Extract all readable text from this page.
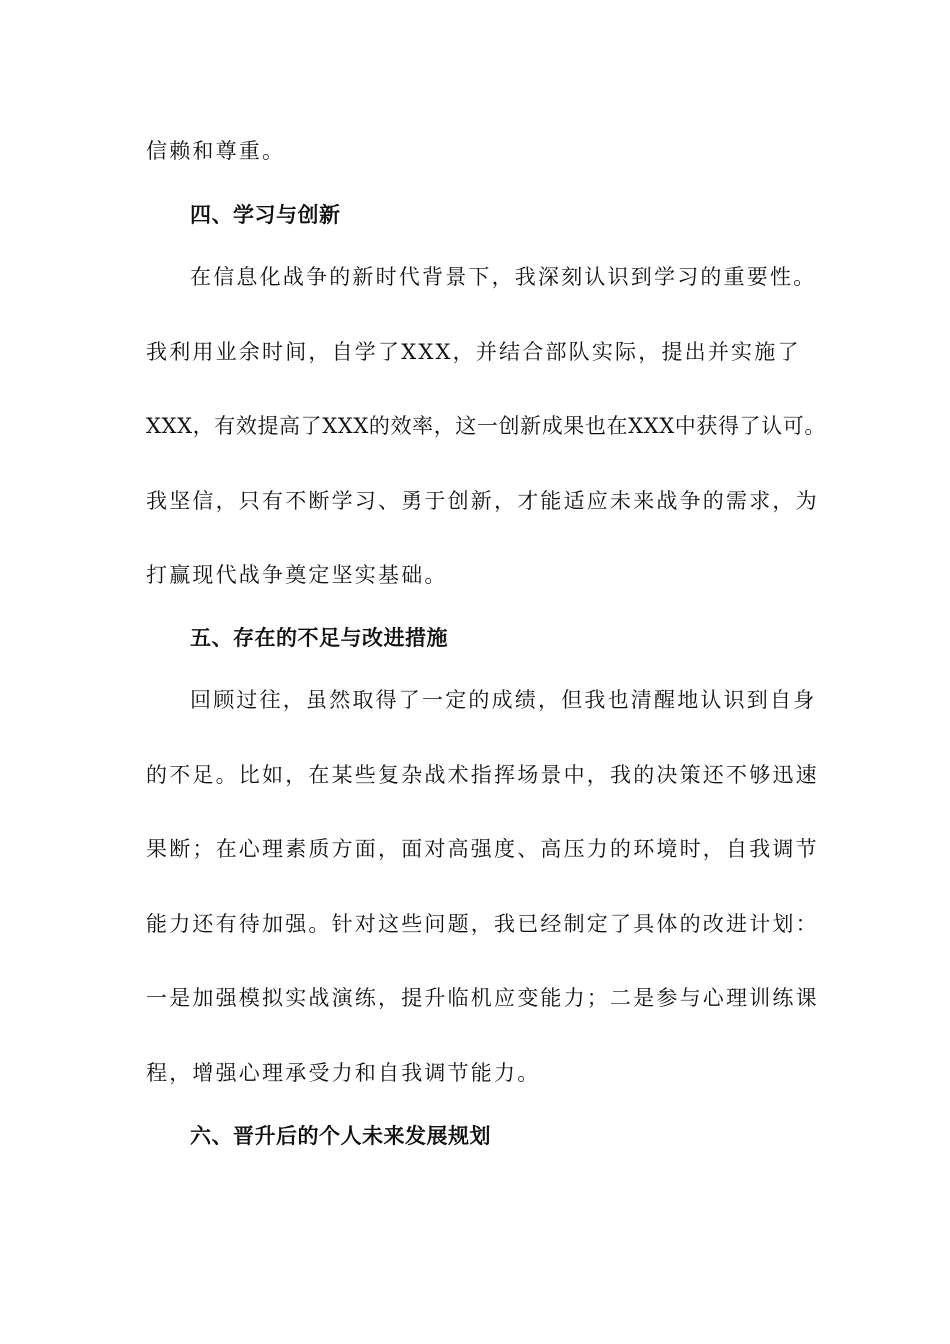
信赖和尊重。
四、学习与创新
在信息化战争的新时代背景下，我深刻认识到学习的重要性。
我利用业余时间，自学了XXX，并结合部队实际，提出并实施了
XXX，有效提高了XXX的效率，这一创新成果也在XXX中获得了认可。
我坚信，只有不断学习、勇于创新，才能适应未来战争的需求，为
打赢现代战争奠定坚实基础。
五、存在的不足与改进措施
回顾过往，虽然取得了一定的成绩，但我也清醒地认识到自身
的不足。比如，在某些复杂战术指挥场景中，我的决策还不够迅速
果断；在心理素质方面，面对高强度、高压力的环境时，自我调节
能力还有待加强。针对这些问题，我已经制定了具体的改进计划：
一是加强模拟实战演练，提升临机应变能力；二是参与心理训练课
程，增强心理承受力和自我调节能力。
六、晋升后的个人未来发展规划
